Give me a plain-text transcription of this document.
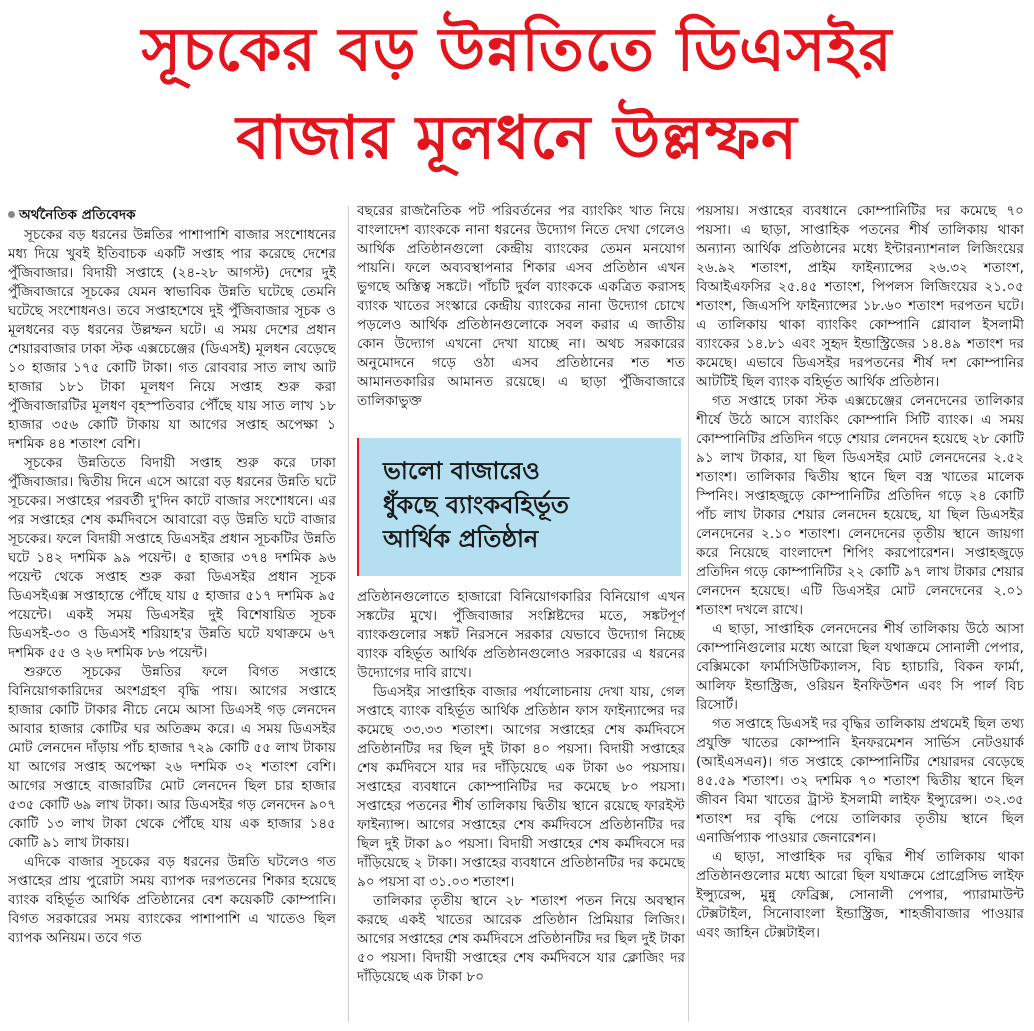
সূচকের বড় উন্নতিতে ডিএসইর
বাজার মূলধনে উল্লম্ফন
অর্থনৈতিক প্রতিবেদক

সূচকের বড় ধরনের উন্নতির পাশাপাশি বাজার সংশোধনের মধ্য দিয়ে খুবই ইতিবাচক একটি সপ্তাহ পার করেছে দেশের পুঁজিবাজার। বিদায়ী সপ্তাহে (২৪-২৮ আগস্ট) দেশের দুই পুঁজিবাজারে সূচকের যেমন স্বাভাবিক উন্নতি ঘটেছে তেমনি ঘটেছে সংশোধনও। তবে সপ্তাহশেষে দুই পুঁজিবাজার সূচক ও মূলধনের বড় ধরনের উল্লম্ফন ঘটে। এ সময় দেশের প্রধান শেয়ারবাজার ঢাকা স্টক এক্সচেঞ্জের (ডিএসই) মূলধন বেড়েছে ১০ হাজার ১৭৫ কোটি টাকা। গত রোববার সাত লাখ আট হাজার ১৮১ টাকা মূলধণ নিয়ে সপ্তাহ শুরু করা পুঁজিবাজারটির মূলধণ বৃহস্পতিবার পৌঁছে যায় সাত লাখ ১৮ হাজার ৩৫৬ কোটি টাকায় যা আগের সপ্তাহ অপেক্ষা ১ দশমিক ৪৪ শতাংশ বেশি।

সূচকের উন্নতিতে বিদায়ী সপ্তাহ শুরু করে ঢাকা পুঁজিবাজার। দ্বিতীয় দিনে এসে আরো বড় ধরনের উন্নতি ঘটে সূচকের। সপ্তাহের পরবর্তী দু'দিন কাটে বাজার সংশোধনে। এর পর সপ্তাহের শেষ কর্মদিবসে আবারো বড় উন্নতি ঘটে বাজার সূচকের। ফলে বিদায়ী সপ্তাহে ডিএসইর প্রধান সূচকটির উন্নতি ঘটে ১৪২ দশমিক ৯৯ পয়েন্ট। ৫ হাজার ৩৭৪ দশমিক ৯৬ পয়েন্ট থেকে সপ্তাহ শুরু করা ডিএসইর প্রধান সূচক ডিএসইএক্স সপ্তাহান্তে পৌঁছে যায় ৫ হাজার ৫১৭ দশমিক ৯৫ পয়েন্টে। একই সময় ডিএসইর দুই বিশেষায়িত সূচক ডিএসই-৩০ ও ডিএসই শরিয়াহ'র উন্নতি ঘটে যথাক্রমে ৬৭ দশমিক ৫৫ ও ২৬ দশমিক ৮৬ পয়েন্ট।

শুরুতে সূচকের উন্নতির ফলে বিগত সপ্তাহে বিনিয়োগকারিদের অংশগ্রহণ বৃদ্ধি পায়। আগের সপ্তাহে হাজার কোটি টাকার নীচে নেমে আসা ডিএসই গড় লেনদেন আবার হাজার কোটির ঘর অতিক্রম করে। এ সময় ডিএসইর মোট লেনদেন দাঁড়ায় পাঁচ হাজার ৭২৯ কোটি ৫৫ লাখ টাকায় যা আগের সপ্তাহ অপেক্ষা ২৬ দশমিক ৩২ শতাংশ বেশি। আগের সপ্তাহে বাজারটির মোট লেনদেন ছিল চার হাজার ৫৩৫ কোটি ৬৯ লাখ টাকা। আর ডিএসইর গড় লেনদেন ৯০৭ কোটি ১৩ লাখ টাকা থেকে পৌঁছে যায় এক হাজার ১৪৫ কোটি ৯১ লাখ টাকায়।

এদিকে বাজার সূচকের বড় ধরনের উন্নতি ঘটলেও গত সপ্তাহের প্রায় পুরোটা সময় ব্যাপক দরপতনের শিকার হয়েছে ব্যাংক বহির্ভূত আর্থিক প্রতিষ্ঠানের বেশ কয়েকটি কোম্পানি। বিগত সরকারের সময় ব্যাংকের পাশাপাশি এ খাতেও ছিল ব্যাপক অনিয়ম। তবে গত

বছরের রাজনৈতিক পট পরিবর্তনের পর ব্যাংকিং খাত নিয়ে বাংলাদেশ ব্যাংককে নানা ধরনের উদ্যোগ নিতে দেখা গেলেও আর্থিক প্রতিষ্ঠানগুলো কেন্দ্রীয় ব্যাংকের তেমন মনযোগ পায়নি। ফলে অব্যবস্থাপনার শিকার এসব প্রতিষ্ঠান এখন ভুগছে অস্তিত্ব সঙ্কটে। পাঁচটি দুর্বল ব্যাংককে একত্রিত করাসহ ব্যাংক খাতের সংস্কারে কেন্দ্রীয় ব্যাংকের নানা উদ্যোগ চোখে পড়লেও আর্থিক প্রতিষ্ঠানগুলোকে সবল করার এ জাতীয় কোন উদ্যোগ এখনো দেখা যাচ্ছে না। অথচ সরকারের অনুমোদনে গড়ে ওঠা এসব প্রতিষ্ঠানের শত শত আমানতকারির আমানত রয়েছে। এ ছাড়া পুঁজিবাজারে তালিকাভুক্ত

ভালো বাজারেও
ধুঁকছে ব্যাংকবহির্ভূত
আর্থিক প্রতিষ্ঠান

প্রতিষ্ঠানগুলোতে হাজারো বিনিয়োগকারির বিনিয়োগ এখন সঙ্কটের মুখে। পুঁজিবাজার সংশ্লিষ্টদের মতে, সঙ্কটপূর্ণ ব্যাংকগুলোর সঙ্কট নিরসনে সরকার যেভাবে উদ্যোগ নিচ্ছে ব্যাংক বহির্ভূত আর্থিক প্রতিষ্ঠানগুলোও সরকারের এ ধরনের উদ্যোগের দাবি রাখে।

ডিএসইর সাপ্তাহিক বাজার পর্যালোচনায় দেখা যায়, গেল সপ্তাহে ব্যাংক বহির্ভূত আর্থিক প্রতিষ্ঠান ফাস ফাইন্যান্সের দর কমেছে ৩৩.৩৩ শতাংশ। আগের সপ্তাহের শেষ কর্মদিবসে প্রতিষ্ঠানটির দর ছিল দুই টাকা ৪০ পয়সা। বিদায়ী সপ্তাহের শেষ কর্মদিবসে যার দর দাঁড়িয়েছে এক টাকা ৬০ পয়সায়। সপ্তাহের ব্যবধানে কোম্পানিটির দর কমেছে ৮০ পয়সা। সপ্তাহের পতনের শীর্ষ তালিকায় দ্বিতীয় স্থানে রয়েছে ফারইস্ট ফাইন্যান্স। আগের সপ্তাহের শেষ কর্মদিবসে প্রতিষ্ঠানটির দর ছিল দুই টাকা ৯০ পয়সা। বিদায়ী সপ্তাহের শেষ কর্মদিবসে দর দাঁড়িয়েছে ২ টাকা। সপ্তাহের ব্যবধানে প্রতিষ্ঠানটির দর কমেছে ৯০ পয়সা বা ৩১.০৩ শতাংশ।

তালিকার তৃতীয় স্থানে ২৮ শতাংশ পতন নিয়ে অবস্থান করছে একই খাতের আরেক প্রতিষ্ঠান প্রিমিয়ার লিজিং। আগের সপ্তাহের শেষ কর্মদিবসে প্রতিষ্ঠানটির দর ছিল দুই টাকা ৫০ পয়সা। বিদায়ী সপ্তাহের শেষ কর্মদিবসে যার ক্লোজিং দর দাঁড়িয়েছে এক টাকা ৮০

পয়সায়। সপ্তাহের ব্যবধানে কোম্পানিটির দর কমেছে ৭০ পয়সা। এ ছাড়া, সাপ্তাহিক পতনের শীর্ষ তালিকায় থাকা অন্যান্য আর্থিক প্রতিষ্ঠানের মধ্যে ইন্টারন্যাশনাল লিজিংয়ের ২৬.৯২ শতাংশ, প্রাইম ফাইন্যান্সের ২৬.৩২ শতাংশ, বিআইএফসির ২৫.৪৫ শতাংশ, পিপলস লিজিংয়ের ২১.০৫ শতাংশ, জিএসপি ফাইন্যান্সের ১৮.৬০ শতাংশ দরপতন ঘটে। এ তালিকায় থাকা ব্যাংকিং কোম্পানি গ্লোবাল ইসলামী ব্যাংকের ১৪.৮১ এবং সুহৃদ ইন্ডাস্ট্রিজের ১৪.৪৯ শতাংশ দর কমেছে। এভাবে ডিএসইর দরপতনের শীর্ষ দশ কোম্পানির আটটিই ছিল ব্যাংক বহির্ভূত আর্থিক প্রতিষ্ঠান।

গত সপ্তাহে ঢাকা স্টক এক্সচেঞ্জের লেনদেনের তালিকার শীর্ষে উঠে আসে ব্যাংকিং কোম্পানি সিটি ব্যাংক। এ সময় কোম্পানিটির প্রতিদিন গড়ে শেয়ার লেনদেন হয়েছে ২৮ কোটি ৯১ লাখ টাকার, যা ছিল ডিএসইর মোট লেনদেনের ২.৫২ শতাংশ। তালিকার দ্বিতীয় স্থানে ছিল বস্ত্র খাতের মালেক স্পিনিং। সপ্তাহজুড়ে কোম্পানিটির প্রতিদিন গড়ে ২৪ কোটি পাঁচ লাখ টাকার শেয়ার লেনদেন হয়েছে, যা ছিল ডিএসইর লেনদেনের ২.১০ শতাংশ। লেনদেনের তৃতীয় স্থানে জায়গা করে নিয়েছে বাংলাদেশ শিপিং করপোরেশন। সপ্তাহজুড়ে প্রতিদিন গড়ে কোম্পানিটির ২২ কোটি ৯৭ লাখ টাকার শেয়ার লেনদেন হয়েছে। এটি ডিএসইর মোট লেনদেনের ২.০১ শতাংশ দখলে রাখে।

এ ছাড়া, সাপ্তাহিক লেনদেনের শীর্ষ তালিকায় উঠে আসা কোম্পানিগুলোর মধ্যে আরো ছিল যথাক্রমে সোনালী পেপার, বেক্সিমকো ফার্মাসিউটিক্যালস, বিচ হ্যাচারি, বিকন ফার্মা, আলিফ ইন্ডাস্ট্রিজ, ওরিয়ন ইনফিউশন এবং সি পার্ল বিচ রিসোর্ট।

গত সপ্তাহে ডিএসই দর বৃদ্ধির তালিকায় প্রথমেই ছিল তথ্য প্রযুক্তি খাতের কোম্পানি ইনফরমেশন সার্ভিস নেটওয়ার্ক (আইএসএন)। গত সপ্তাহে কোম্পানিটির শেয়ারদর বেড়েছে ৪৫.৫৯ শতাংশ। ৩২ দশমিক ৭০ শতাংশ দ্বিতীয় স্থানে ছিল জীবন বিমা খাতের ট্রাস্ট ইসলামী লাইফ ইন্স্যুরেন্স। ৩২.৩৫ শতাংশ দর বৃদ্ধি পেয়ে তালিকার তৃতীয় স্থানে ছিল এনার্জিপ্যাক পাওয়ার জেনারেশন।

এ ছাড়া, সাপ্তাহিক দর বৃদ্ধির শীর্ষ তালিকায় থাকা প্রতিষ্ঠানগুলোর মধ্যে আরো ছিল যথাক্রমে প্রোগ্রেসিভ লাইফ ইন্স্যুরেন্স, মুন্নু ফেব্রিক্স, সোনালী পেপার, প্যারামাউন্ট টেক্সটাইল, সিনোবাংলা ইন্ডাস্ট্রিজ, শাহজীবাজার পাওয়ার এবং জাহিন টেক্সটাইল।
